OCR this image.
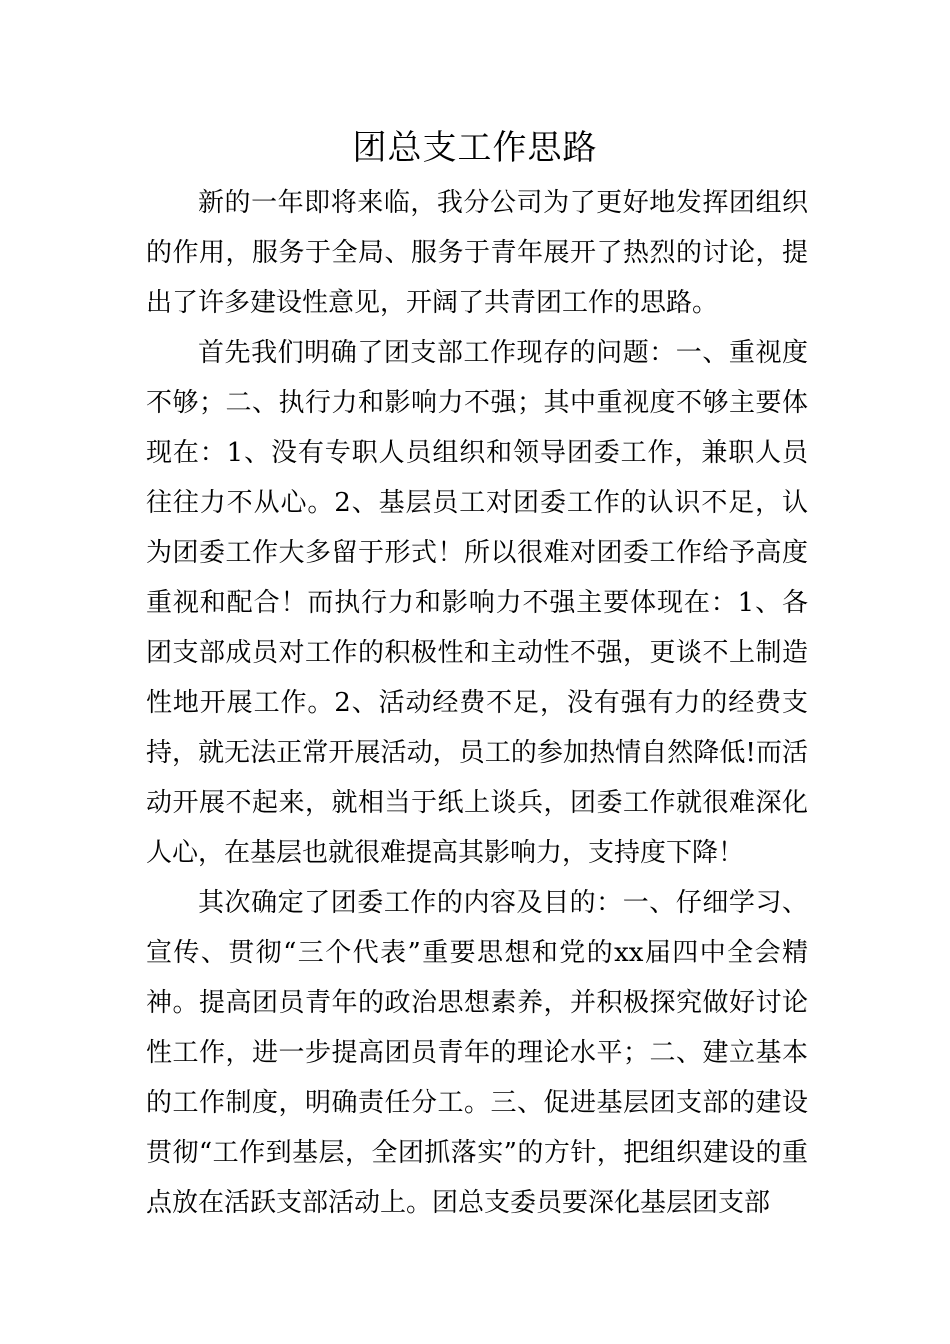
团总支工作思路

新的一年即将来临，我分公司为了更好地发挥团组织的作用，服务于全局、服务于青年展开了热烈的讨论，提出了许多建设性意见，开阔了共青团工作的思路。

首先我们明确了团支部工作现存的问题：一、重视度不够；二、执行力和影响力不强；其中重视度不够主要体现在：1、没有专职人员组织和领导团委工作，兼职人员往往力不从心。2、基层员工对团委工作的认识不足，认为团委工作大多留于形式！所以很难对团委工作给予高度重视和配合！而执行力和影响力不强主要体现在：1、各团支部成员对工作的积极性和主动性不强，更谈不上制造性地开展工作。2、活动经费不足，没有强有力的经费支持，就无法正常开展活动，员工的参加热情自然降低!而活动开展不起来，就相当于纸上谈兵，团委工作就很难深化人心，在基层也就很难提高其影响力，支持度下降！

其次确定了团委工作的内容及目的：一、仔细学习、宣传、贯彻“三个代表”重要思想和党的xx届四中全会精神。提高团员青年的政治思想素养，并积极探究做好讨论性工作，进一步提高团员青年的理论水平；二、建立基本的工作制度，明确责任分工。三、促进基层团支部的建设贯彻“工作到基层，全团抓落实”的方针，把组织建设的重点放在活跃支部活动上。团总支委员要深化基层团支部
